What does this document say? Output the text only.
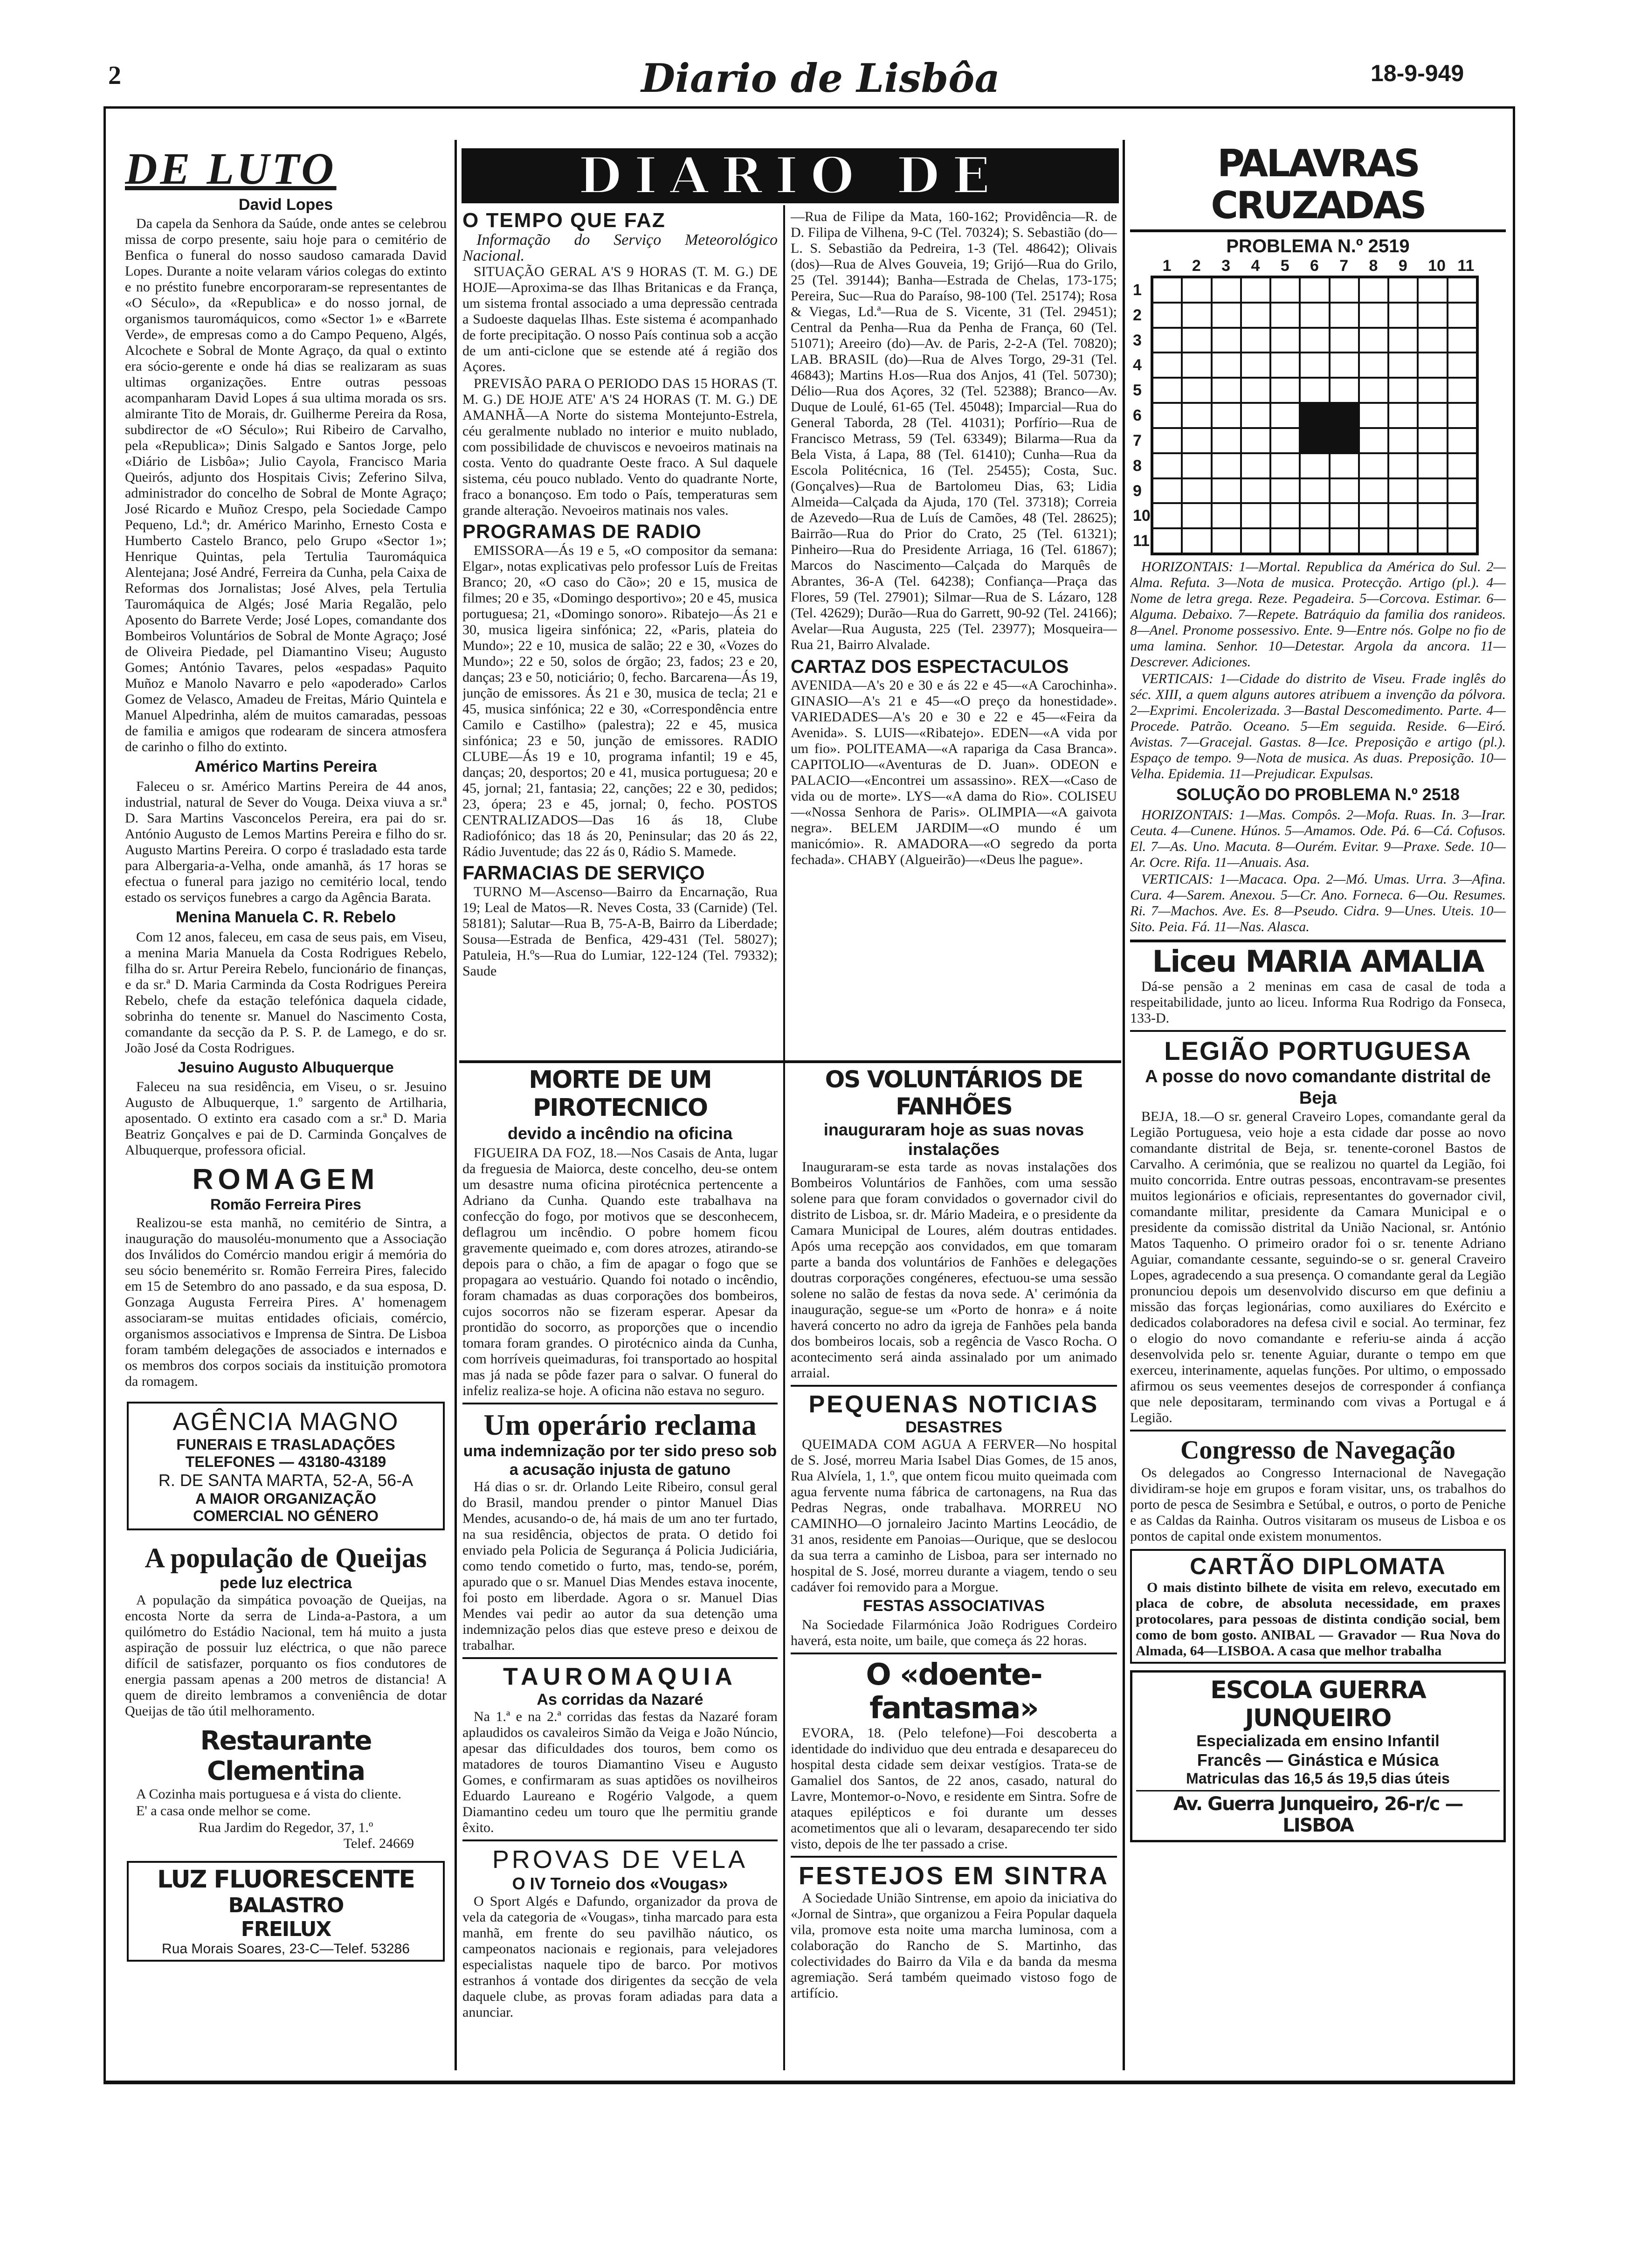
2	Diario de Lisbôa	18-9-949
DE LUTO
David Lopes

Da capela da Senhora da Saúde, onde antes se celebrou missa de corpo presente, saiu hoje para o cemitério de Benfica o funeral do nosso saudoso camarada David Lopes. Durante a noite velaram vários colegas do extinto e no préstito funebre encorporaram-se representantes de «O Século», da «Republica» e do nosso jornal, de organismos tauromáquicos, como «Sector 1» e «Barrete Verde», de empresas como a do Campo Pequeno, Algés, Alcochete e Sobral de Monte Agraço, da qual o extinto era sócio-gerente e onde há dias se realizaram as suas ultimas organizações. Entre outras pessoas acompanharam David Lopes á sua ultima morada os srs. almirante Tito de Morais, dr. Guilherme Pereira da Rosa, subdirector de «O Século»; Rui Ribeiro de Carvalho, pela «Republica»; Dinis Salgado e Santos Jorge, pelo «Diário de Lisbôa»; Julio Cayola, Francisco Maria Queirós, adjunto dos Hospitais Civis; Zeferino Silva, administrador do concelho de Sobral de Monte Agraço; José Ricardo e Muñoz Crespo, pela Sociedade Campo Pequeno, Ld.ª; dr. Américo Marinho, Ernesto Costa e Humberto Castelo Branco, pelo Grupo «Sector 1»; Henrique Quintas, pela Tertulia Tauromáquica Alentejana; José André, Ferreira da Cunha, pela Caixa de Reformas dos Jornalistas; José Alves, pela Tertulia Tauromáquica de Algés; José Maria Regalão, pelo Aposento do Barrete Verde; José Lopes, comandante dos Bombeiros Voluntários de Sobral de Monte Agraço; José de Oliveira Piedade, pel Diamantino Viseu; Augusto Gomes; António Tavares, pelos «espadas» Paquito Muñoz e Manolo Navarro e pelo «apoderado» Carlos Gomez de Velasco, Amadeu de Freitas, Mário Quintela e Manuel Alpedrinha, além de muitos camaradas, pessoas de familia e amigos que rodearam de sincera atmosfera de carinho o filho do extinto.

Américo Martins Pereira

Faleceu o sr. Américo Martins Pereira de 44 anos, industrial, natural de Sever do Vouga. Deixa viuva a sr.ª D. Sara Martins Vasconcelos Pereira, era pai do sr. António Augusto de Lemos Martins Pereira e filho do sr. Augusto Martins Pereira. O corpo é trasladado esta tarde para Albergaria-a-Velha, onde amanhã, ás 17 horas se efectua o funeral para jazigo no cemitério local, tendo estado os serviços funebres a cargo da Agência Barata.

Menina Manuela C. R. Rebelo

Com 12 anos, faleceu, em casa de seus pais, em Viseu, a menina Maria Manuela da Costa Rodrigues Rebelo, filha do sr. Artur Pereira Rebelo, funcionário de finanças, e da sr.ª D. Maria Carminda da Costa Rodrigues Pereira Rebelo, chefe da estação telefónica daquela cidade, sobrinha do tenente sr. Manuel do Nascimento Costa, comandante da secção da P. S. P. de Lamego, e do sr. João José da Costa Rodrigues.

Jesuino Augusto Albuquerque

Faleceu na sua residência, em Viseu, o sr. Jesuino Augusto de Albuquerque, 1.º sargento de Artilharia, aposentado. O extinto era casado com a sr.ª D. Maria Beatriz Gonçalves e pai de D. Carminda Gonçalves de Albuquerque, professora oficial.

ROMAGEM
Romão Ferreira Pires

Realizou-se esta manhã, no cemitério de Sintra, a inauguração do mausoléu-monumento que a Associação dos Inválidos do Comércio mandou erigir á memória do seu sócio benemérito sr. Romão Ferreira Pires, falecido em 15 de Setembro do ano passado, e da sua esposa, D. Gonzaga Augusta Ferreira Pires. A' homenagem associaram-se muitas entidades oficiais, comércio, organismos associativos e Imprensa de Sintra. De Lisboa foram também delegações de associados e internados e os membros dos corpos sociais da instituição promotora da romagem.

AGÊNCIA MAGNO
FUNERAIS E TRASLADAÇÕES
TELEFONES — 43180-43189
R. DE SANTA MARTA, 52-A, 56-A
A MAIOR ORGANIZAÇÃO
COMERCIAL NO GÉNERO
A população de Queijas
pede luz electrica

A população da simpática povoação de Queijas, na encosta Norte da serra de Linda-a-Pastora, a um quilómetro do Estádio Nacional, tem há muito a justa aspiração de possuir luz eléctrica, o que não parece difícil de satisfazer, porquanto os fios condutores de energia passam apenas a 200 metros de distancia! A quem de direito lembramos a conveniência de dotar Queijas de tão útil melhoramento.

Restaurante Clementina

A Cozinha mais portuguesa e á vista do cliente.

E' a casa onde melhor se come.

Rua Jardim do Regedor, 37, 1.º
Telef. 24669
LUZ FLUORESCENTE
BALASTRO
FREILUX
Rua Morais Soares, 23-C—Telef. 53286
DIARIO DE
O TEMPO QUE FAZ
Informação do Serviço Meteorológico Nacional.

SITUAÇÃO GERAL A'S 9 HORAS (T. M. G.) DE HOJE—Aproxima-se das Ilhas Britanicas e da França, um sistema frontal associado a uma depressão centrada a Sudoeste daquelas Ilhas. Este sistema é acompanhado de forte precipitação. O nosso País continua sob a acção de um anti-ciclone que se estende até á região dos Açores.

PREVISÃO PARA O PERIODO DAS 15 HORAS (T. M. G.) DE HOJE ATE' A'S 24 HORAS (T. M. G.) DE AMANHÃ—A Norte do sistema Montejunto-Estrela, céu geralmente nublado no interior e muito nublado, com possibilidade de chuviscos e nevoeiros matinais na costa. Vento do quadrante Oeste fraco. A Sul daquele sistema, céu pouco nublado. Vento do quadrante Norte, fraco a bonançoso. Em todo o País, temperaturas sem grande alteração. Nevoeiros matinais nos vales.

PROGRAMAS DE RADIO

EMISSORA—Ás 19 e 5, «O compositor da semana: Elgar», notas explicativas pelo professor Luís de Freitas Branco; 20, «O caso do Cão»; 20 e 15, musica de filmes; 20 e 35, «Domingo desportivo»; 20 e 45, musica portuguesa; 21, «Domingo sonoro». Ribatejo—Ás 21 e 30, musica ligeira sinfónica; 22, «Paris, plateia do Mundo»; 22 e 10, musica de salão; 22 e 30, «Vozes do Mundo»; 22 e 50, solos de órgão; 23, fados; 23 e 20, danças; 23 e 50, noticiário; 0, fecho. Barcarena—Ás 19, junção de emissores. Ás 21 e 30, musica de tecla; 21 e 45, musica sinfónica; 22 e 30, «Correspondência entre Camilo e Castilho» (palestra); 22 e 45, musica sinfónica; 23 e 50, junção de emissores. RADIO CLUBE—Ás 19 e 10, programa infantil; 19 e 45, danças; 20, desportos; 20 e 41, musica portuguesa; 20 e 45, jornal; 21, fantasia; 22, canções; 22 e 30, pedidos; 23, ópera; 23 e 45, jornal; 0, fecho. POSTOS CENTRALIZADOS—Das 16 ás 18, Clube Radiofónico; das 18 ás 20, Peninsular; das 20 ás 22, Rádio Juventude; das 22 ás 0, Rádio S. Mamede.

FARMACIAS DE SERVIÇO

TURNO M—Ascenso—Bairro da Encarnação, Rua 19; Leal de Matos—R. Neves Costa, 33 (Carnide) (Tel. 58181); Salutar—Rua B, 75-A-B, Bairro da Liberdade; Sousa—Estrada de Benfica, 429-431 (Tel. 58027); Patuleia, H.ºs—Rua do Lumiar, 122-124 (Tel. 79332); Saude

MORTE DE UM PIROTECNICO
devido a incêndio na oficina

FIGUEIRA DA FOZ, 18.—Nos Casais de Anta, lugar da freguesia de Maiorca, deste concelho, deu-se ontem um desastre numa oficina pirotécnica pertencente a Adriano da Cunha. Quando este trabalhava na confecção do fogo, por motivos que se desconhecem, deflagrou um incêndio. O pobre homem ficou gravemente queimado e, com dores atrozes, atirando-se depois para o chão, a fim de apagar o fogo que se propagara ao vestuário. Quando foi notado o incêndio, foram chamadas as duas corporações dos bombeiros, cujos socorros não se fizeram esperar. Apesar da prontidão do socorro, as proporções que o incendio tomara foram grandes. O pirotécnico ainda da Cunha, com horríveis queimaduras, foi transportado ao hospital mas já nada se pôde fazer para o salvar. O funeral do infeliz realiza-se hoje. A oficina não estava no seguro.

Um operário reclama
uma indemnização por ter sido preso sob a acusação injusta de gatuno

Há dias o sr. dr. Orlando Leite Ribeiro, consul geral do Brasil, mandou prender o pintor Manuel Dias Mendes, acusando-o de, há mais de um ano ter furtado, na sua residência, objectos de prata. O detido foi enviado pela Policia de Segurança á Policia Judiciária, como tendo cometido o furto, mas, tendo-se, porém, apurado que o sr. Manuel Dias Mendes estava inocente, foi posto em liberdade. Agora o sr. Manuel Dias Mendes vai pedir ao autor da sua detenção uma indemnização pelos dias que esteve preso e deixou de trabalhar.

TAUROMAQUIA
As corridas da Nazaré

Na 1.ª e na 2.ª corridas das festas da Nazaré foram aplaudidos os cavaleiros Simão da Veiga e João Núncio, apesar das dificuldades dos touros, bem como os matadores de touros Diamantino Viseu e Augusto Gomes, e confirmaram as suas aptidões os novilheiros Eduardo Laureano e Rogério Valgode, a quem Diamantino cedeu um touro que lhe permitiu grande êxito.

PROVAS DE VELA
O IV Torneio dos «Vougas»

O Sport Algés e Dafundo, organizador da prova de vela da categoria de «Vougas», tinha marcado para esta manhã, em frente do seu pavilhão náutico, os campeonatos nacionais e regionais, para velejadores especialistas naquele tipo de barco. Por motivos estranhos á vontade dos dirigentes da secção de vela daquele clube, as provas foram adiadas para data a anunciar.

—Rua de Filipe da Mata, 160-162; Providência—R. de D. Filipa de Vilhena, 9-C (Tel. 70324); S. Sebastião (do—L. S. Sebastião da Pedreira, 1-3 (Tel. 48642); Olivais (dos)—Rua de Alves Gouveia, 19; Grijó—Rua do Grilo, 25 (Tel. 39144); Banha—Estrada de Chelas, 173-175; Pereira, Suc—Rua do Paraíso, 98-100 (Tel. 25174); Rosa & Viegas, Ld.ª—Rua de S. Vicente, 31 (Tel. 29451); Central da Penha—Rua da Penha de França, 60 (Tel. 51071); Areeiro (do)—Av. de Paris, 2-2-A (Tel. 70820); LAB. BRASIL (do)—Rua de Alves Torgo, 29-31 (Tel. 46843); Martins H.os—Rua dos Anjos, 41 (Tel. 50730); Délio—Rua dos Açores, 32 (Tel. 52388); Branco—Av. Duque de Loulé, 61-65 (Tel. 45048); Imparcial—Rua do General Taborda, 28 (Tel. 41031); Porfírio—Rua de Francisco Metrass, 59 (Tel. 63349); Bilarma—Rua da Bela Vista, á Lapa, 88 (Tel. 61410); Cunha—Rua da Escola Politécnica, 16 (Tel. 25455); Costa, Suc. (Gonçalves)—Rua de Bartolomeu Dias, 63; Lidia Almeida—Calçada da Ajuda, 170 (Tel. 37318); Correia de Azevedo—Rua de Luís de Camões, 48 (Tel. 28625); Bairrão—Rua do Prior do Crato, 25 (Tel. 61321); Pinheiro—Rua do Presidente Arriaga, 16 (Tel. 61867); Marcos do Nascimento—Calçada do Marquês de Abrantes, 36-A (Tel. 64238); Confiança—Praça das Flores, 59 (Tel. 27901); Silmar—Rua de S. Lázaro, 128 (Tel. 42629); Durão—Rua do Garrett, 90-92 (Tel. 24166); Avelar—Rua Augusta, 225 (Tel. 23977); Mosqueira—Rua 21, Bairro Alvalade.

CARTAZ DOS ESPECTACULOS

AVENIDA—A's 20 e 30 e ás 22 e 45—«A Carochinha». GINASIO—A's 21 e 45—«O preço da honestidade». VARIEDADES—A's 20 e 30 e 22 e 45—«Feira da Avenida». S. LUIS—«Ribatejo». EDEN—«A vida por um fio». POLITEAMA—«A rapariga da Casa Branca». CAPITOLIO—«Aventuras de D. Juan». ODEON e PALACIO—«Encontrei um assassino». REX—«Caso de vida ou de morte». LYS—«A dama do Rio». COLISEU—«Nossa Senhora de Paris». OLIMPIA—«A gaivota negra». BELEM JARDIM—«O mundo é um manicómio». R. AMADORA—«O segredo da porta fechada». CHABY (Algueirão)—«Deus lhe pague».

OS VOLUNTÁRIOS DE FANHÕES
inauguraram hoje as suas novas instalações

Inauguraram-se esta tarde as novas instalações dos Bombeiros Voluntários de Fanhões, com uma sessão solene para que foram convidados o governador civil do distrito de Lisboa, sr. dr. Mário Madeira, e o presidente da Camara Municipal de Loures, além doutras entidades. Após uma recepção aos convidados, em que tomaram parte a banda dos voluntários de Fanhões e delegações doutras corporações congéneres, efectuou-se uma sessão solene no salão de festas da nova sede. A' cerimónia da inauguração, segue-se um «Porto de honra» e á noite haverá concerto no adro da igreja de Fanhões pela banda dos bombeiros locais, sob a regência de Vasco Rocha. O acontecimento será ainda assinalado por um animado arraial.

PEQUENAS NOTICIAS
DESASTRES

QUEIMADA COM AGUA A FERVER—No hospital de S. José, morreu Maria Isabel Dias Gomes, de 15 anos, Rua Alvíela, 1, 1.º, que ontem ficou muito queimada com agua fervente numa fábrica de cartonagens, na Rua das Pedras Negras, onde trabalhava. MORREU NO CAMINHO—O jornaleiro Jacinto Martins Leocádio, de 31 anos, residente em Panoias—Ourique, que se deslocou da sua terra a caminho de Lisboa, para ser internado no hospital de S. José, morreu durante a viagem, tendo o seu cadáver foi removido para a Morgue.

FESTAS ASSOCIATIVAS

Na Sociedade Filarmónica João Rodrigues Cordeiro haverá, esta noite, um baile, que começa ás 22 horas.

O «doente-fantasma»

EVORA, 18. (Pelo telefone)—Foi descoberta a identidade do individuo que deu entrada e desapareceu do hospital desta cidade sem deixar vestígios. Trata-se de Gamaliel dos Santos, de 22 anos, casado, natural do Lavre, Montemor-o-Novo, e residente em Sintra. Sofre de ataques epilépticos e foi durante um desses acometimentos que ali o levaram, desaparecendo ter sido visto, depois de lhe ter passado a crise.

FESTEJOS EM SINTRA

A Sociedade União Sintrense, em apoio da iniciativa do «Jornal de Sintra», que organizou a Feira Popular daquela vila, promove esta noite uma marcha luminosa, com a colaboração do Rancho de S. Martinho, das colectividades do Bairro da Vila e da banda da mesma agremiação. Será também queimado vistoso fogo de artifício.

PALAVRAS CRUZADAS
PROBLEMA N.º 2519
1 2 3 4 5 6 7 8 9 10 11
1
2
3
4
5
6
7
8
9
10
11

HORIZONTAIS: 1—Mortal. Republica da América do Sul. 2—Alma. Refuta. 3—Nota de musica. Protecção. Artigo (pl.). 4—Nome de letra grega. Reze. Pegadeira. 5—Corcova. Estimar. 6—Alguma. Debaixo. 7—Repete. Batráquio da familia dos ranideos. 8—Anel. Pronome possessivo. Ente. 9—Entre nós. Golpe no fio de uma lamina. Senhor. 10—Detestar. Argola da ancora. 11—Descrever. Adiciones.

VERTICAIS: 1—Cidade do distrito de Viseu. Frade inglês do séc. XIII, a quem alguns autores atribuem a invenção da pólvora. 2—Exprimi. Encolerizada. 3—Bastal Descomedimento. Parte. 4—Procede. Patrão. Oceano. 5—Em seguida. Reside. 6—Eiró. Avistas. 7—Gracejal. Gastas. 8—Ice. Preposição e artigo (pl.). Espaço de tempo. 9—Nota de musica. As duas. Preposição. 10—Velha. Epidemia. 11—Prejudicar. Expulsas.

SOLUÇÃO DO PROBLEMA N.º 2518

HORIZONTAIS: 1—Mas. Compôs. 2—Mofa. Ruas. In. 3—Irar. Ceuta. 4—Cunene. Húnos. 5—Amamos. Ode. Pá. 6—Cá. Cofusos. El. 7—As. Uno. Macuta. 8—Ourém. Evitar. 9—Praxe. Sede. 10—Ar. Ocre. Rifa. 11—Anuais. Asa.

VERTICAIS: 1—Macaca. Opa. 2—Mó. Umas. Urra. 3—Afina. Cura. 4—Sarem. Anexou. 5—Cr. Ano. Forneca. 6—Ou. Resumes. Ri. 7—Machos. Ave. Es. 8—Pseudo. Cidra. 9—Unes. Uteis. 10—Sito. Peia. Fá. 11—Nas. Alasca.

Liceu MARIA AMALIA

Dá-se pensão a 2 meninas em casa de casal de toda a respeitabilidade, junto ao liceu. Informa Rua Rodrigo da Fonseca, 133-D.

LEGIÃO PORTUGUESA
A posse do novo comandante distrital de Beja

BEJA, 18.—O sr. general Craveiro Lopes, comandante geral da Legião Portuguesa, veio hoje a esta cidade dar posse ao novo comandante distrital de Beja, sr. tenente-coronel Bastos de Carvalho. A cerimónia, que se realizou no quartel da Legião, foi muito concorrida. Entre outras pessoas, encontravam-se presentes muitos legionários e oficiais, representantes do governador civil, comandante militar, presidente da Camara Municipal e o presidente da comissão distrital da União Nacional, sr. António Matos Taquenho. O primeiro orador foi o sr. tenente Adriano Aguiar, comandante cessante, seguindo-se o sr. general Craveiro Lopes, agradecendo a sua presença. O comandante geral da Legião pronunciou depois um desenvolvido discurso em que definiu a missão das forças legionárias, como auxiliares do Exército e dedicados colaboradores na defesa civil e social. Ao terminar, fez o elogio do novo comandante e referiu-se ainda á acção desenvolvida pelo sr. tenente Aguiar, durante o tempo em que exerceu, interinamente, aquelas funções. Por ultimo, o empossado afirmou os seus veementes desejos de corresponder á confiança que nele depositaram, terminando com vivas a Portugal e á Legião.

Congresso de Navegação

Os delegados ao Congresso Internacional de Navegação dividiram-se hoje em grupos e foram visitar, uns, os trabalhos do porto de pesca de Sesimbra e Setúbal, e outros, o porto de Peniche e as Caldas da Rainha. Outros visitaram os museus de Lisboa e os pontos de capital onde existem monumentos.

CARTÃO DIPLOMATA

O mais distinto bilhete de visita em relevo, executado em placa de cobre, de absoluta necessidade, em praxes protocolares, para pessoas de distinta condição social, bem como de bom gosto. ANIBAL — Gravador — Rua Nova do Almada, 64—LISBOA. A casa que melhor trabalha

ESCOLA GUERRA JUNQUEIRO
Especializada em ensino Infantil
Francês — Ginástica e Música
Matriculas das 16,5 ás 19,5 dias úteis
Av. Guerra Junqueiro, 26-r/c — LISBOA
